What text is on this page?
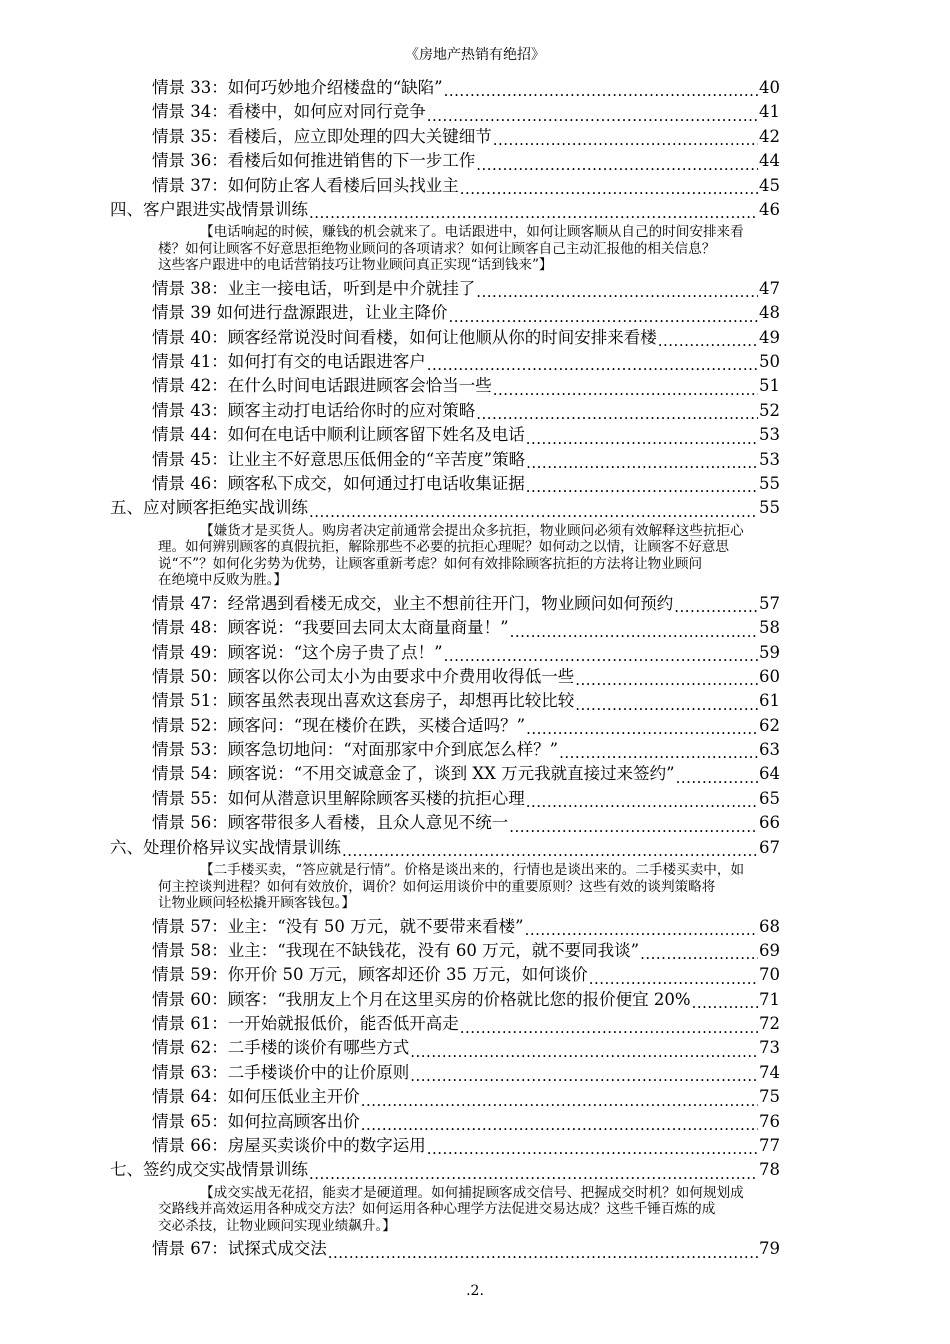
《房地产热销有绝招》
情景 33：如何巧妙地介绍楼盘的“缺陷” .....	40
情景 34：看楼中，如何应对同行竞争 .....	41
情景 35：看楼后，应立即处理的四大关键细节 .....	42
情景 36：看楼后如何推进销售的下一步工作 .....	44
情景 37：如何防止客人看楼后回头找业主 .....	45
四、客户跟进实战情景训练 .....	46
【电话响起的时候，赚钱的机会就来了。电话跟进中，如何让顾客顺从自己的时间安排来看
楼？如何让顾客不好意思拒绝物业顾问的各项请求？如何让顾客自己主动汇报他的相关信息？
这些客户跟进中的电话营销技巧让物业顾问真正实现“话到钱来”】
情景 38：业主一接电话，听到是中介就挂了 .....	47
情景 39 如何进行盘源跟进，让业主降价 .....	48
情景 40：顾客经常说没时间看楼，如何让他顺从你的时间安排来看楼 .....	49
情景 41：如何打有交的电话跟进客户 .....	50
情景 42：在什么时间电话跟进顾客会恰当一些 .....	51
情景 43：顾客主动打电话给你时的应对策略 .....	52
情景 44：如何在电话中顺利让顾客留下姓名及电话 .....	53
情景 45：让业主不好意思压低佣金的“辛苦度”策略 .....	53
情景 46：顾客私下成交，如何通过打电话收集证据 .....	55
五、应对顾客拒绝实战训练 .....	55
【嫌货才是买货人。购房者决定前通常会提出众多抗拒，物业顾问必须有效解释这些抗拒心
理。如何辨别顾客的真假抗拒，解除那些不必要的抗拒心理呢？如何动之以情，让顾客不好意思
说“不”？如何化劣势为优势，让顾客重新考虑？如何有效排除顾客抗拒的方法将让物业顾问
在绝境中反败为胜。】
情景 47：经常遇到看楼无成交，业主不想前往开门，物业顾问如何预约 .....	57
情景 48：顾客说：“我要回去同太太商量商量！” .....	58
情景 49：顾客说：“这个房子贵了点！” .....	59
情景 50：顾客以你公司太小为由要求中介费用收得低一些 .....	60
情景 51：顾客虽然表现出喜欢这套房子，却想再比较比较 .....	61
情景 52：顾客问：“现在楼价在跌，买楼合适吗？” .....	62
情景 53：顾客急切地问：“对面那家中介到底怎么样？” .....	63
情景 54：顾客说：“不用交诚意金了，谈到 XX 万元我就直接过来签约” .....	64
情景 55：如何从潜意识里解除顾客买楼的抗拒心理 .....	65
情景 56：顾客带很多人看楼，且众人意见不统一 .....	66
六、处理价格异议实战情景训练 .....	67
【二手楼买卖，“答应就是行情”。价格是谈出来的，行情也是谈出来的。二手楼买卖中，如
何主控谈判进程？如何有效放价，调价？如何运用谈价中的重要原则？这些有效的谈判策略将
让物业顾问轻松撬开顾客钱包。】
情景 57：业主：“没有 50 万元，就不要带来看楼” .....	68
情景 58：业主：“我现在不缺钱花，没有 60 万元，就不要同我谈” .....	69
情景 59：你开价 50 万元，顾客却还价 35 万元，如何谈价 .....	70
情景 60：顾客：“我朋友上个月在这里买房的价格就比您的报价便宜 20% .....	71
情景 61：一开始就报低价，能否低开高走 .....	72
情景 62：二手楼的谈价有哪些方式 .....	73
情景 63：二手楼谈价中的让价原则 .....	74
情景 64：如何压低业主开价 .....	75
情景 65：如何拉高顾客出价 .....	76
情景 66：房屋买卖谈价中的数字运用 .....	77
七、签约成交实战情景训练 .....	78
【成交实战无花招，能卖才是硬道理。如何捕捉顾客成交信号、把握成交时机？如何规划成
交路线并高效运用各种成交方法？如何运用各种心理学方法促进交易达成？这些千锤百炼的成
交必杀技，让物业顾问实现业绩飙升。】
情景 67：试探式成交法 .....	79
.2.
